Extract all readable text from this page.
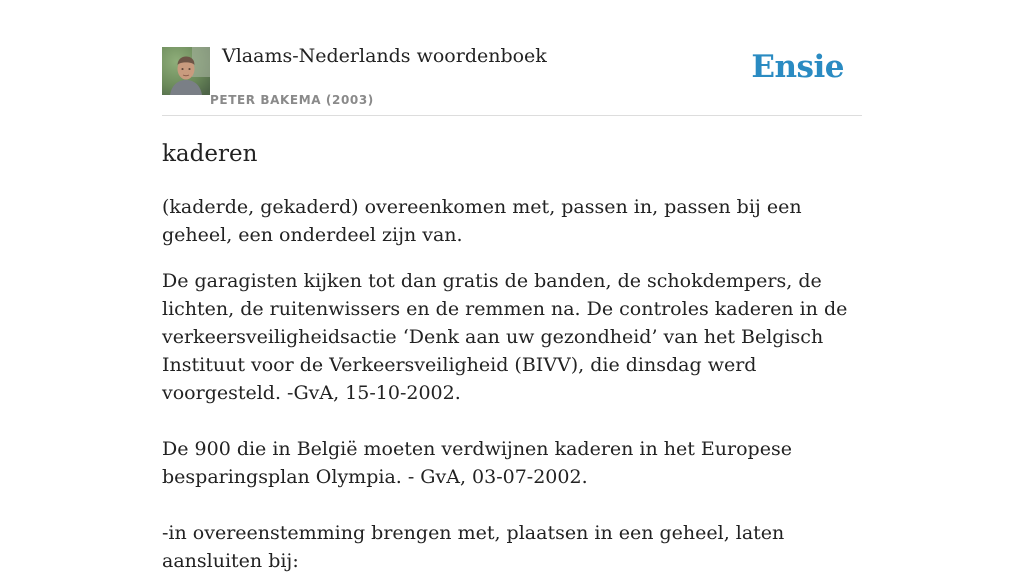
Vlaams-Nederlands woordenboek
PETER BAKEMA (2003)
Ensie
kaderen

(kaderde, gekaderd) overeenkomen met, passen in, passen bij een geheel, een onderdeel zijn van.

De garagisten kijken tot dan gratis de banden, de schokdempers, de lichten, de ruitenwissers en de remmen na. De controles kaderen in de verkeersveiligheidsactie ‘Denk aan uw gezondheid’ van het Belgisch Instituut voor de Verkeersveiligheid (BIVV), die dinsdag werd voorgesteld. -GvA, 15-10-2002.

De 900 die in België moeten verdwijnen kaderen in het Europese besparingsplan Olympia. - GvA, 03-07-2002.

-in overeenstemming brengen met, plaatsen in een geheel, laten aansluiten bij:
